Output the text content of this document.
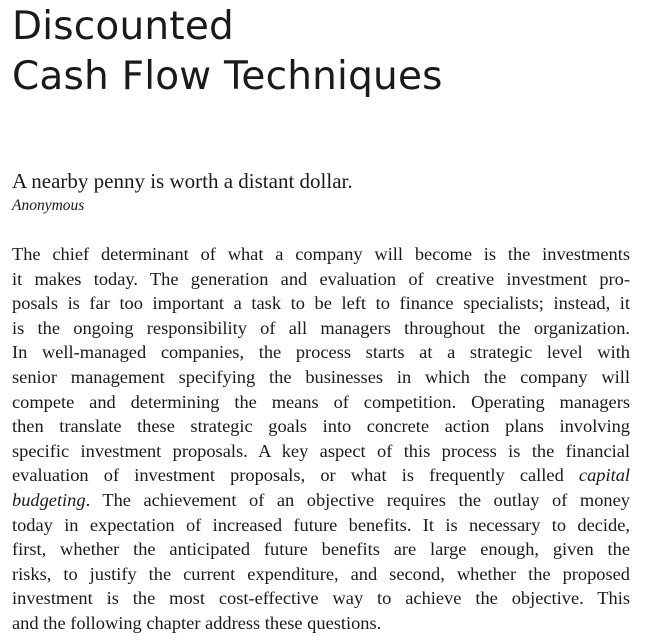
Discounted
Cash Flow Techniques
A nearby penny is worth a distant dollar.
Anonymous
The chief determinant of what a company will become is the investments
it makes today. The generation and evaluation of creative investment pro-
posals is far too important a task to be left to finance specialists; instead, it
is the ongoing responsibility of all managers throughout the organization.
In well-managed companies, the process starts at a strategic level with
senior management specifying the businesses in which the company will
compete and determining the means of competition. Operating managers
then translate these strategic goals into concrete action plans involving
specific investment proposals. A key aspect of this process is the financial
evaluation of investment proposals, or what is frequently called capital
budgeting. The achievement of an objective requires the outlay of money
today in expectation of increased future benefits. It is necessary to decide,
first, whether the anticipated future benefits are large enough, given the
risks, to justify the current expenditure, and second, whether the proposed
investment is the most cost-effective way to achieve the objective. This
and the following chapter address these questions.
